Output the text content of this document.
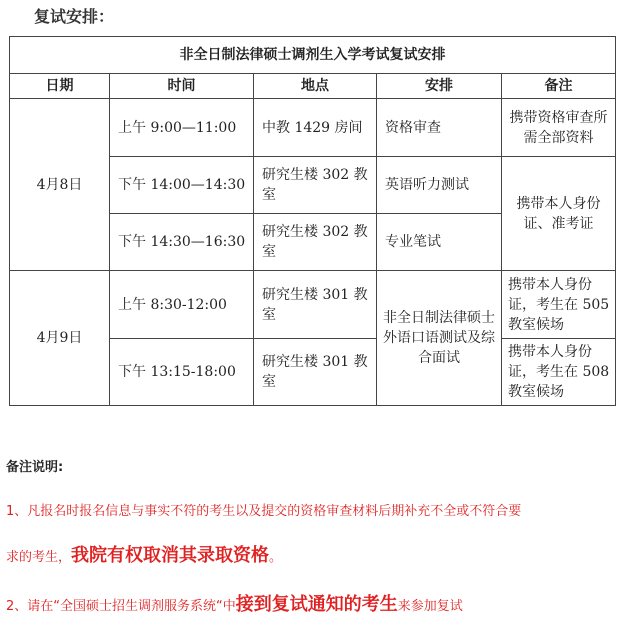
复试安排：
非全日制法律硕士调剂生入学考试复试安排				
日期	时间	地点	安排	备注
4月8日	上午 9:00—11:00	中教 1429 房间	资格审查	携带资格审查所需全部资料
	下午 14:00—14:30	研究生楼 302 教室	英语听力测试	携带本人身份证、准考证
	下午 14:30—16:30	研究生楼 302 教室	专业笔试	
4月9日	上午 8:30-12:00	研究生楼 301 教室	非全日制法律硕士外语口语测试及综合面试	携带本人身份证，考生在 505 教室候场
	下午 13:15-18:00	研究生楼 301 教室		携带本人身份证，考生在 508 教室候场
备注说明:
1、凡报名时报名信息与事实不符的考生以及提交的资格审查材料后期补充不全或不符合要
求的考生，我院有权取消其录取资格。
2、请在“全国硕士招生调剂服务系统“中接到复试通知的考生来参加复试
